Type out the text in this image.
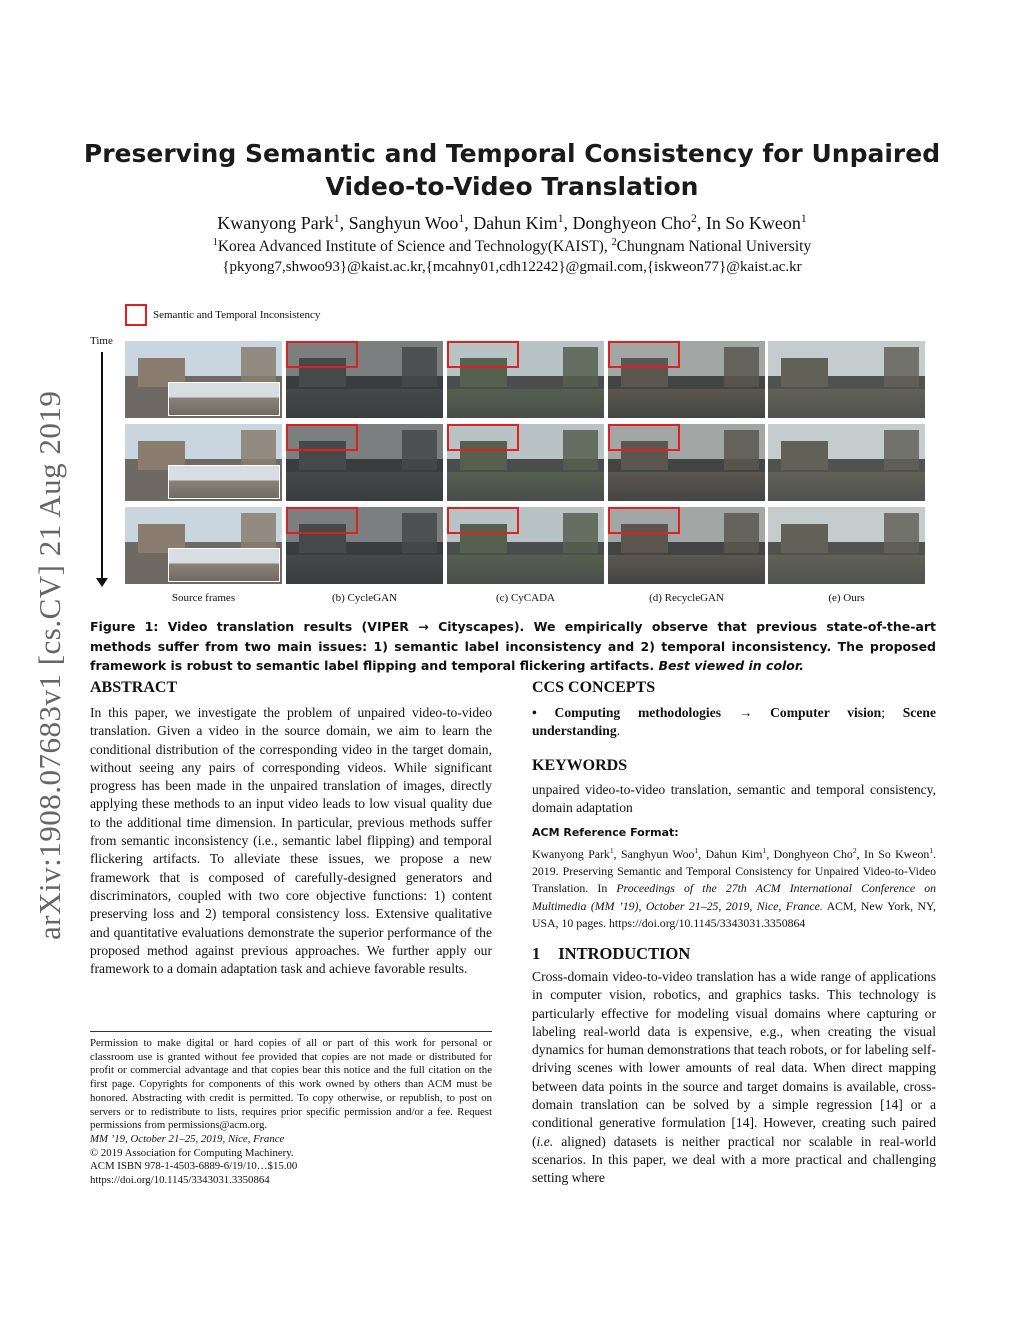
arXiv:1908.07683v1 [cs.CV] 21 Aug 2019
Preserving Semantic and Temporal Consistency for Unpaired
Video-to-Video Translation
Kwanyong Park$^1$, Sanghyun Woo$^1$, Dahun Kim$^1$, Donghyeon Cho$^2$, In So Kweon$^1$
$^1$Korea Advanced Institute of Science and Technology(KAIST), $^2$Chungnam National University
{pkyong7,shwoo93}@kaist.ac.kr,{mcahny01,cdh12242}@gmail.com,{iskweon77}@kaist.ac.kr
Semantic and Temporal Inconsistency
Time
Source frames	(b) CycleGAN	(c) CyCADA	(d) RecycleGAN	(e) Ours
Figure 1: Video translation results (VIPER → Cityscapes). We empirically observe that previous state-of-the-art methods suffer from two main issues: 1) semantic label inconsistency and 2) temporal inconsistency. The proposed framework is robust to semantic label flipping and temporal flickering artifacts. Best viewed in color.
ABSTRACT
In this paper, we investigate the problem of unpaired video-to-video translation. Given a video in the source domain, we aim to learn the conditional distribution of the corresponding video in the target domain, without seeing any pairs of corresponding videos. While significant progress has been made in the unpaired translation of images, directly applying these methods to an input video leads to low visual quality due to the additional time dimension. In particular, previous methods suffer from semantic inconsistency (i.e., semantic label flipping) and temporal flickering artifacts. To alleviate these issues, we propose a new framework that is composed of carefully-designed generators and discriminators, coupled with two core objective functions: 1) content preserving loss and 2) temporal consistency loss. Extensive qualitative and quantitative evaluations demonstrate the superior performance of the proposed method against previous approaches. We further apply our framework to a domain adaptation task and achieve favorable results.
Permission to make digital or hard copies of all or part of this work for personal or classroom use is granted without fee provided that copies are not made or distributed for profit or commercial advantage and that copies bear this notice and the full citation on the first page. Copyrights for components of this work owned by others than ACM must be honored. Abstracting with credit is permitted. To copy otherwise, or republish, to post on servers or to redistribute to lists, requires prior specific permission and/or a fee. Request permissions from permissions@acm.org.
MM ’19, October 21–25, 2019, Nice, France
© 2019 Association for Computing Machinery.
ACM ISBN 978-1-4503-6889-6/19/10…$15.00
https://doi.org/10.1145/3343031.3350864
CCS CONCEPTS
• Computing methodologies → Computer vision; Scene understanding.
KEYWORDS
unpaired video-to-video translation, semantic and temporal consistency, domain adaptation
ACM Reference Format:
Kwanyong Park$^1$, Sanghyun Woo$^1$, Dahun Kim$^1$, Donghyeon Cho$^2$, In So Kweon$^1$. 2019. Preserving Semantic and Temporal Consistency for Unpaired Video-to-Video Translation. In Proceedings of the 27th ACM International Conference on Multimedia (MM ’19), October 21–25, 2019, Nice, France. ACM, New York, NY, USA, 10 pages. https://doi.org/10.1145/3343031.3350864
1 INTRODUCTION
Cross-domain video-to-video translation has a wide range of applications in computer vision, robotics, and graphics tasks. This technology is particularly effective for modeling visual domains where capturing or labeling real-world data is expensive, e.g., when creating the visual dynamics for human demonstrations that teach robots, or for labeling self-driving scenes with lower amounts of real data. When direct mapping between data points in the source and target domains is available, cross-domain translation can be solved by a simple regression [14] or a conditional generative formulation [14]. However, creating such paired (i.e. aligned) datasets is neither practical nor scalable in real-world scenarios. In this paper, we deal with a more practical and challenging setting where
